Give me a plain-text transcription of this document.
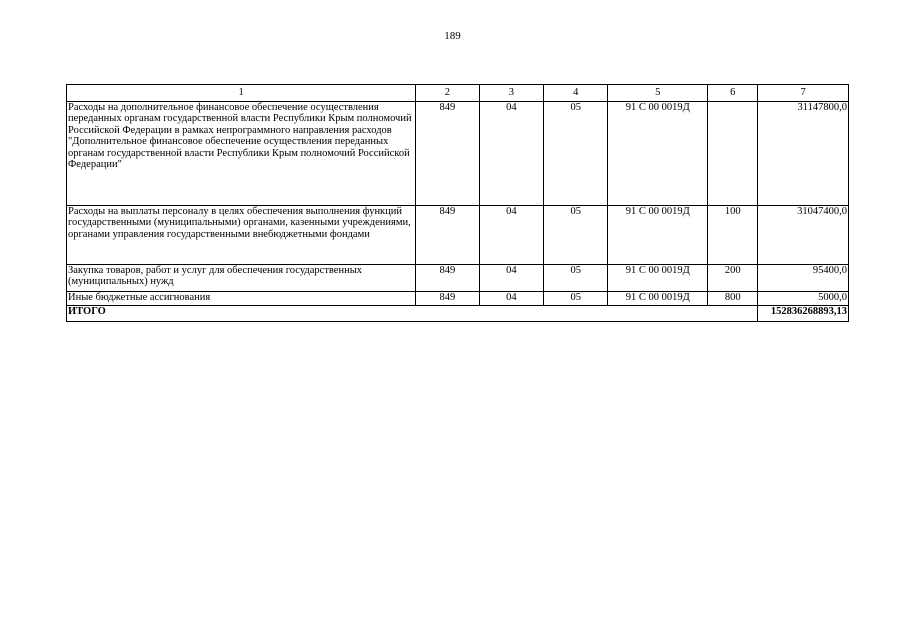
189
1	2	3	4	5	6	7
Расходы на дополнительное финансовое обеспечение осуществления переданных органам государственной власти Республики Крым полномочий Российской Федерации в рамках непрограммного направления расходов "Дополнительное финансовое обеспечение осуществления переданных органам государственной власти Республики Крым полномочий Российской Федерации"	849	04	05	91 С 00 0019Д		31147800,0
Расходы на выплаты персоналу в целях обеспечения выполнения функций государственными (муниципальными) органами, казенными учреждениями, органами управления государственными внебюджетными фондами	849	04	05	91 С 00 0019Д	100	31047400,0
Закупка товаров, работ и услуг для обеспечения государственных (муниципальных) нужд	849	04	05	91 С 00 0019Д	200	95400,0
Иные бюджетные ассигнования	849	04	05	91 С 00 0019Д	800	5000,0
ИТОГО						152836268893,13
